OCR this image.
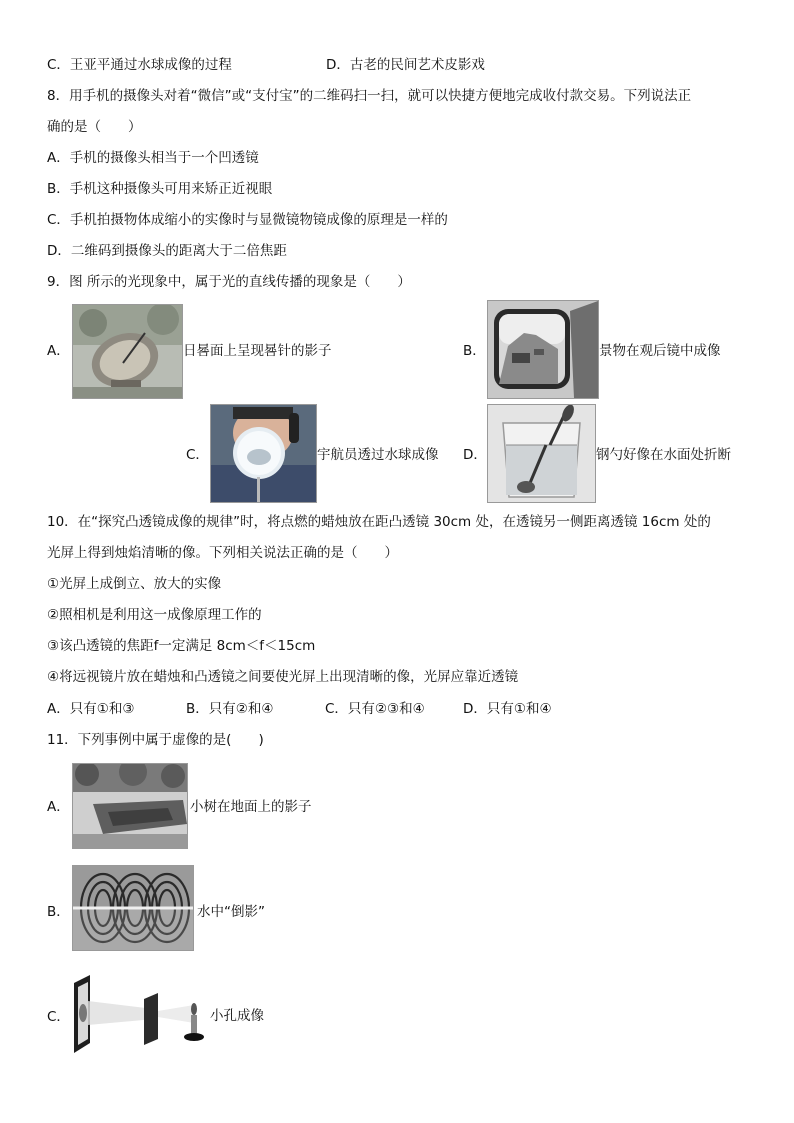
C．王亚平通过水球成像的过程	D．古老的民间艺术皮影戏
8．用手机的摄像头对着“微信”或“支付宝”的二维码扫一扫，就可以快捷方便地完成收付款交易。下列说法正
确的是（　　）
A．手机的摄像头相当于一个凹透镜
B．手机这种摄像头可用来矫正近视眼
C．手机拍摄物体成缩小的实像时与显微镜物镜成像的原理是一样的
D．二维码到摄像头的距离大于二倍焦距
9．图 所示的光现象中，属于光的直线传播的现象是（　　）
A．	日晷面上呈现晷针的影子	B．	景物在观后镜中成像
C．	宇航员透过水球成像 D．	钢勺好像在水面处折断
10．在“探究凸透镜成像的规律”时，将点燃的蜡烛放在距凸透镜 30cm 处，在透镜另一侧距离透镜 16cm 处的
光屏上得到烛焰清晰的像。下列相关说法正确的是（　　）
①光屏上成倒立、放大的实像
②照相机是利用这一成像原理工作的
③该凸透镜的焦距f一定满足 8cm＜f＜15cm
④将远视镜片放在蜡烛和凸透镜之间要使光屏上出现清晰的像，光屏应靠近透镜
A．只有①和③	B．只有②和④	C．只有②③和④	D．只有①和④
11．下列事例中属于虚像的是(　　)
A．	小树在地面上的影子
B．	水中“倒影”
C．	小孔成像
